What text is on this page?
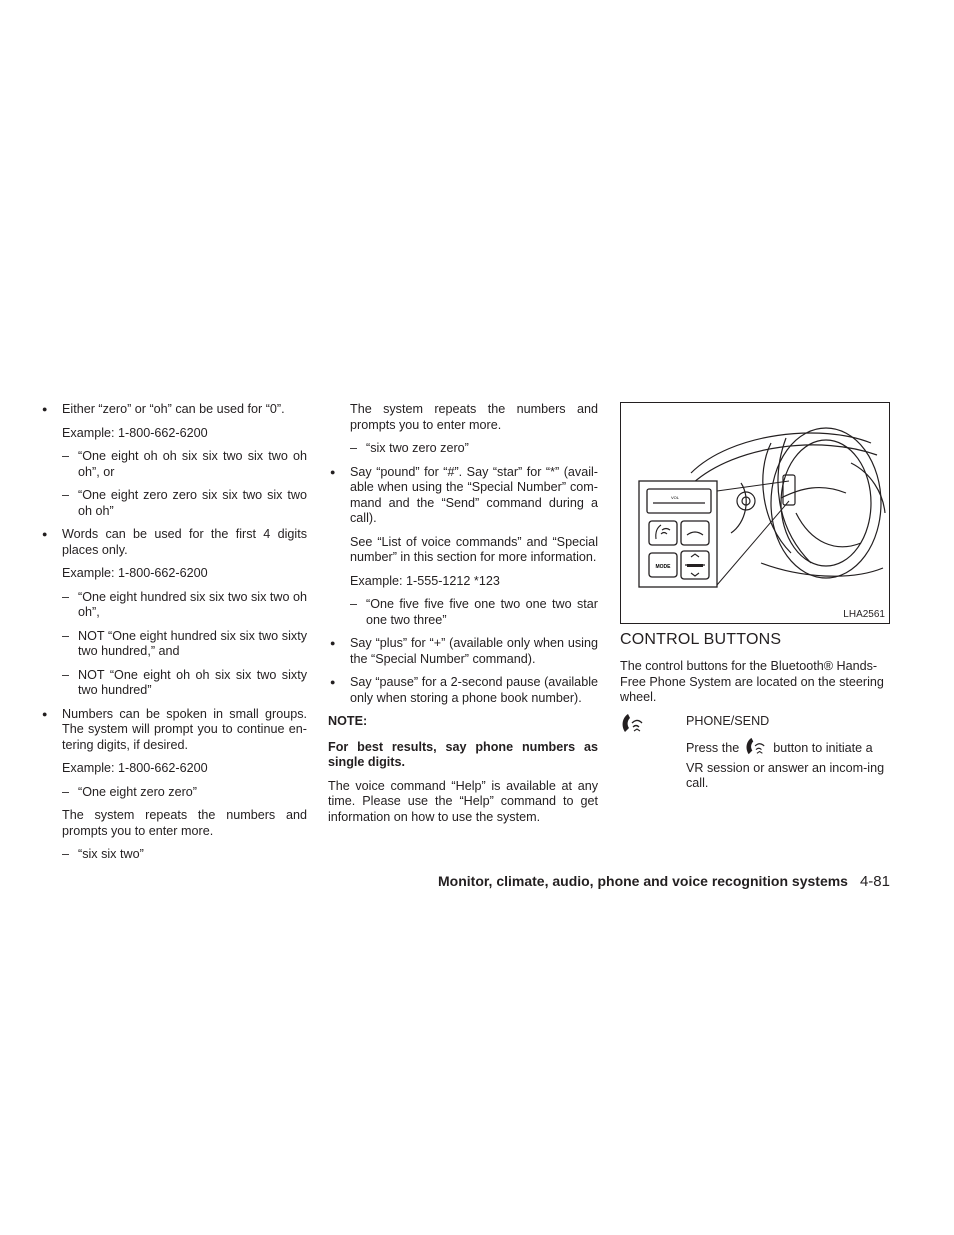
● Either “zero” or “oh” can be used for “0”.
Example: 1-800-662-6200
– “One eight oh oh six six two six two oh oh”, or
– “One eight zero zero six six two six two oh oh”
● Words can be used for the first 4 digits places only.
Example: 1-800-662-6200
– “One eight hundred six six two six two oh oh”,
– NOT “One eight hundred six six two sixty two hundred,” and
– NOT “One eight oh oh six six two sixty two hundred”
● Numbers can be spoken in small groups. The system will prompt you to continue en-tering digits, if desired.
Example: 1-800-662-6200
– “One eight zero zero”
The system repeats the numbers and prompts you to enter more.
– “six six two”
The system repeats the numbers and prompts you to enter more.
– “six two zero zero”
● Say “pound” for “#”. Say “star” for “*” (avail-able when using the “Special Number” com-mand and the “Send” command during a call).
See “List of voice commands” and “Special number” in this section for more information.
Example: 1-555-1212 *123
– “One five five five one two one two star one two three”
● Say “plus” for “+” (available only when using the “Special Number” command).
● Say “pause” for a 2-second pause (available only when storing a phone book number).
NOTE:
For best results, say phone numbers as single digits.
The voice command “Help” is available at any time. Please use the “Help” command to get information on how to use the system.
VOL
MODE
LHA2561
CONTROL BUTTONS
The control buttons for the Bluetooth® Hands-Free Phone System are located on the steering wheel.
PHONE/SEND
Press the	button to initiate a VR session or answer an incom-ing call.
Monitor, climate, audio, phone and voice recognition systems 4-81
